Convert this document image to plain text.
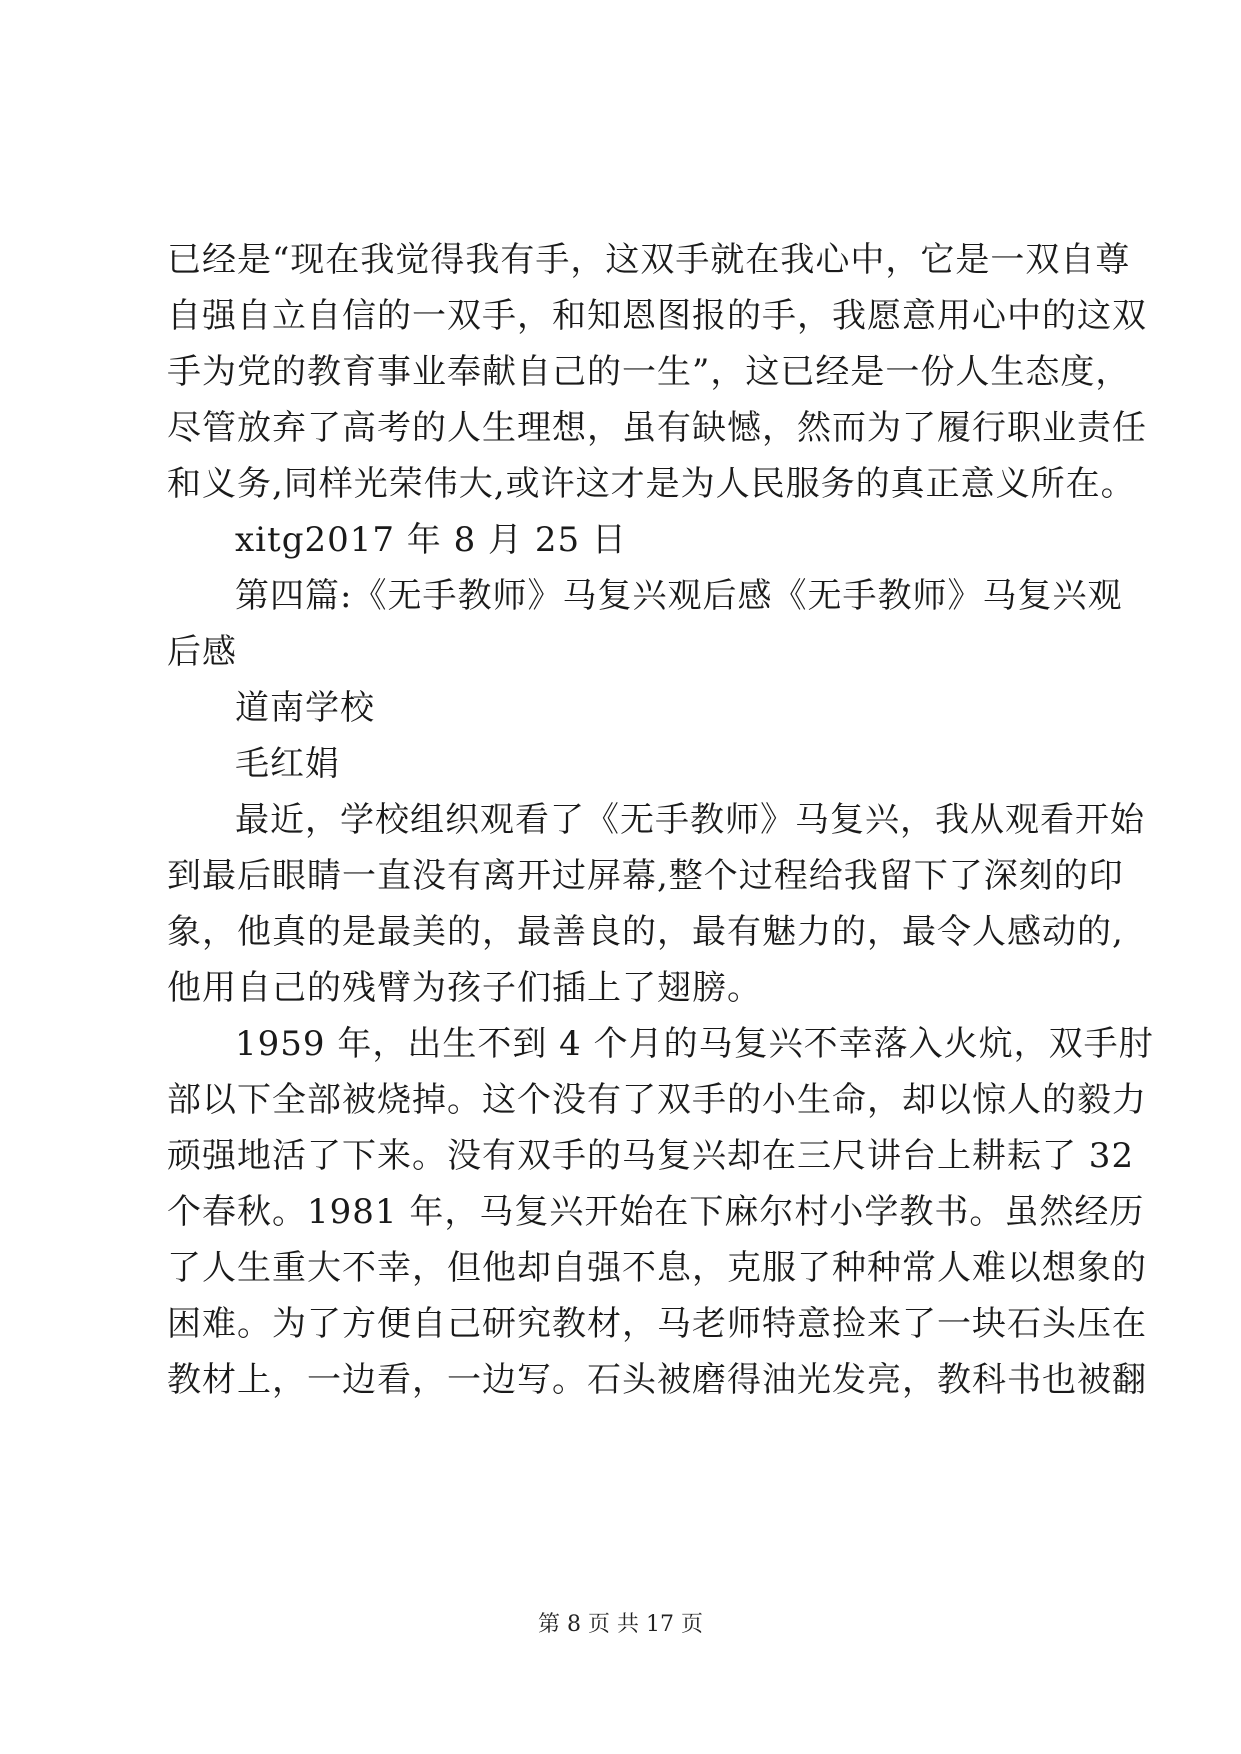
已经是“现在我觉得我有手，这双手就在我心中，它是一双自尊
自强自立自信的一双手，和知恩图报的手，我愿意用心中的这双
手为党的教育事业奉献自己的一生”，这已经是一份人生态度，
尽管放弃了高考的人生理想，虽有缺憾，然而为了履行职业责任
和义务,同样光荣伟大,或许这才是为人民服务的真正意义所在。
xitg2017 年 8 月 25 日
第四篇:《无手教师》马复兴观后感《无手教师》马复兴观
后感
道南学校
毛红娟
最近，学校组织观看了《无手教师》马复兴，我从观看开始
到最后眼睛一直没有离开过屏幕,整个过程给我留下了深刻的印
象，他真的是最美的，最善良的，最有魅力的，最令人感动的,
他用自己的残臂为孩子们插上了翅膀。
1959 年，出生不到 4 个月的马复兴不幸落入火炕，双手肘
部以下全部被烧掉。这个没有了双手的小生命，却以惊人的毅力
顽强地活了下来。没有双手的马复兴却在三尺讲台上耕耘了 32
个春秋。1981 年，马复兴开始在下麻尔村小学教书。虽然经历
了人生重大不幸，但他却自强不息，克服了种种常人难以想象的
困难。为了方便自己研究教材，马老师特意捡来了一块石头压在
教材上，一边看，一边写。石头被磨得油光发亮，教科书也被翻
第 8 页 共 17 页
